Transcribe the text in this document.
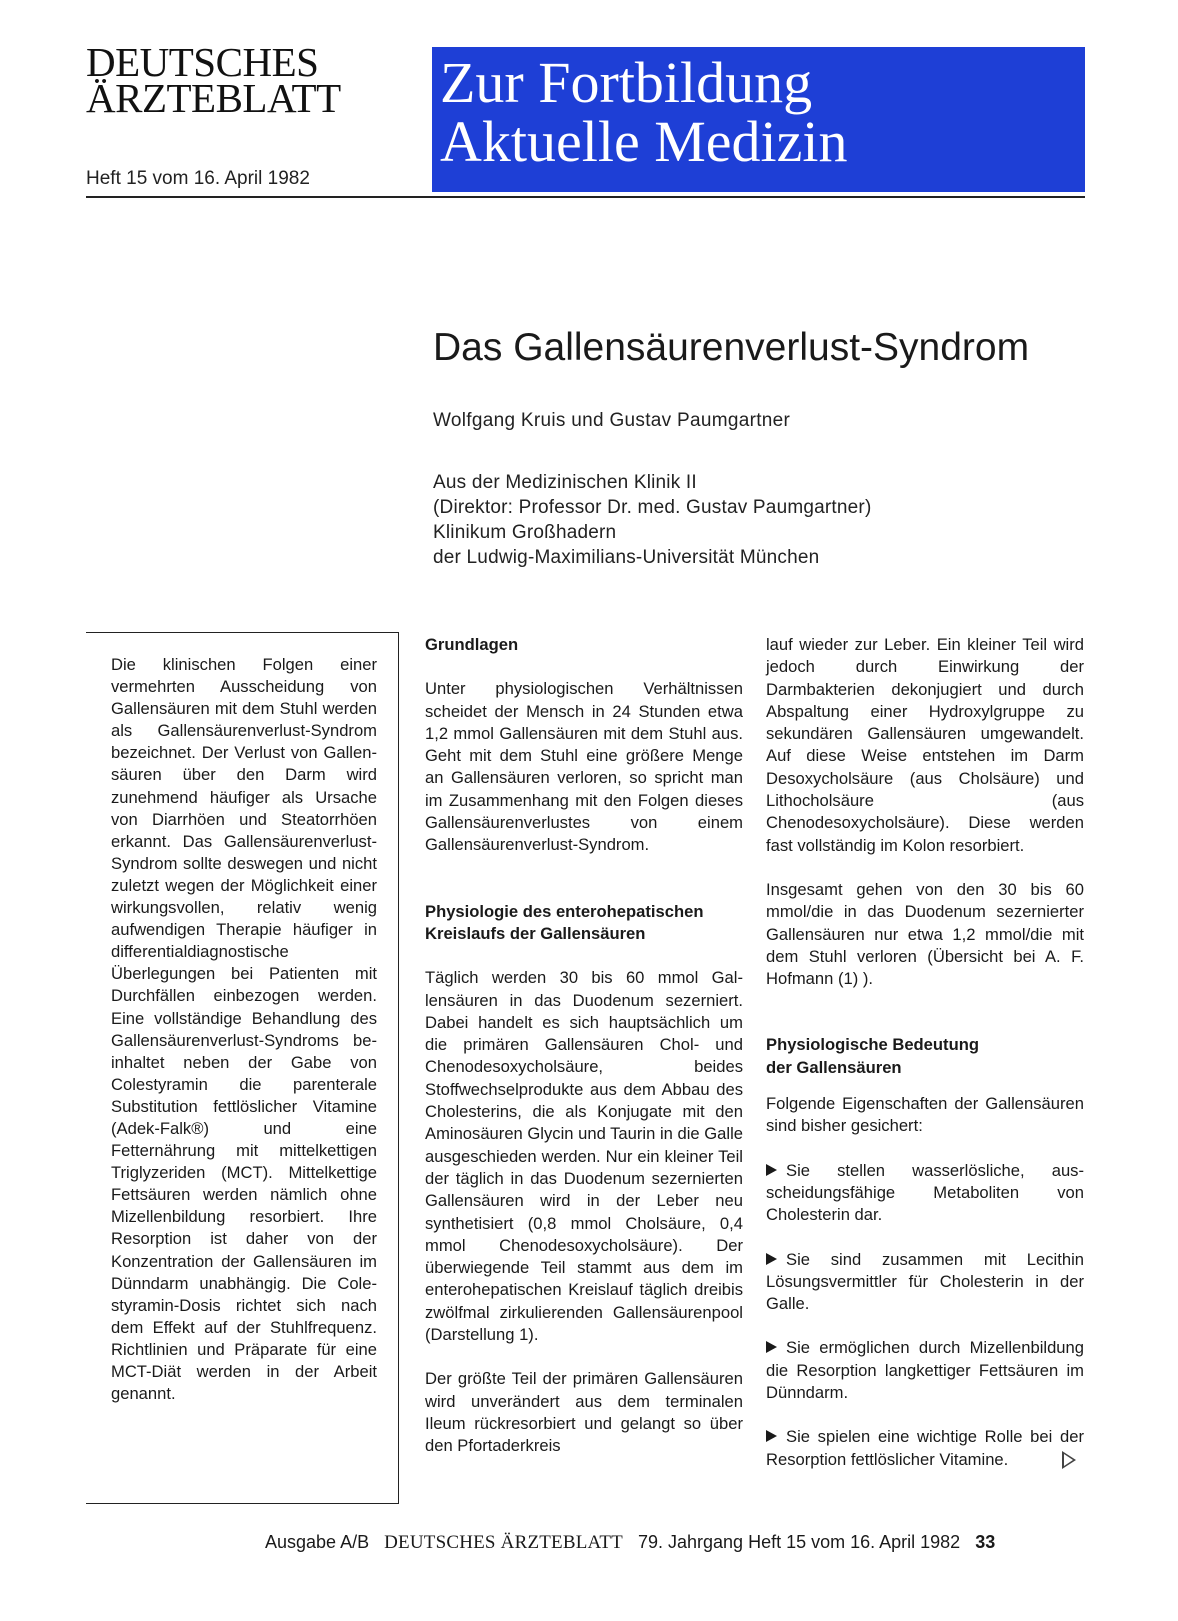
DEUTSCHES
ÄRZTEBLATT
Heft 15 vom 16. April 1982
Zur Fortbildung
Aktuelle Medizin
Das Gallensäurenverlust-Syndrom
Wolfgang Kruis und Gustav Paumgartner
Aus der Medizinischen Klinik II
(Direktor: Professor Dr. med. Gustav Paumgartner)
Klinikum Großhadern
der Ludwig-Maximilians-Universität München
Die klinischen Folgen einer vermehrten Ausscheidung von Gallensäuren mit dem Stuhl werden als Gallensäurenverlust-Syndrom bezeichnet. Der Verlust von Gallensäuren über den Darm wird zunehmend häufiger als Ursache von Diarrhöen und Steatorrhöen erkannt. Das Gallensäurenverlust-Syndrom sollte deswegen und nicht zuletzt wegen der Möglichkeit einer wirkungsvollen, relativ wenig aufwendigen Therapie häufiger in differentialdiagnostische Überlegungen bei Patienten mit Durchfällen einbezogen werden. Eine vollständige Behandlung des Gallensäurenverlust-Syndroms beinhaltet neben der Gabe von Colestyramin die parenterale Substitution fettlöslicher Vitamine (Adek-Falk®) und eine Fetternährung mit mittelkettigen Triglyzeriden (MCT). Mittelkettige Fettsäuren werden nämlich ohne Mizellenbildung resorbiert. Ihre Resorption ist daher von der Konzentration der Gallensäuren im Dünndarm unabhängig. Die Colestyramin-Dosis richtet sich nach dem Effekt auf der Stuhlfrequenz. Richtlinien und Präparate für eine MCT-Diät werden in der Arbeit genannt.
Grundlagen

Unter physiologischen Verhältnissen scheidet der Mensch in 24 Stunden etwa 1,2 mmol Gallensäuren mit dem Stuhl aus. Geht mit dem Stuhl eine größere Menge an Gallensäuren verloren, so spricht man im Zusammenhang mit den Folgen dieses Gallensäurenverlustes von einem Gallensäurenverlust-Syndrom.

Physiologie des enterohepatischen
Kreislaufs der Gallensäuren

Täglich werden 30 bis 60 mmol Gallensäuren in das Duodenum sezerniert. Dabei handelt es sich hauptsächlich um die primären Gallensäuren Chol- und Chenodesoxycholsäure, beides Stoffwechselprodukte aus dem Abbau des Cholesterins, die als Konjugate mit den Aminosäuren Glycin und Taurin in die Galle ausgeschieden werden. Nur ein kleiner Teil der täglich in das Duodenum sezernierten Gallensäuren wird in der Leber neu synthetisiert (0,8 mmol Cholsäure, 0,4 mmol Chenodesoxycholsäure). Der überwiegende Teil stammt aus dem im enterohepatischen Kreislauf täglich dreibis zwölfmal zirkulierenden Gallensäurenpool (Darstellung 1).

Der größte Teil der primären Gallensäuren wird unverändert aus dem terminalen Ileum rückresorbiert und gelangt so über den Pfortaderkreis

lauf wieder zur Leber. Ein kleiner Teil wird jedoch durch Einwirkung der Darmbakterien dekonjugiert und durch Abspaltung einer Hydroxylgruppe zu sekundären Gallensäuren umgewandelt. Auf diese Weise entstehen im Darm Desoxycholsäure (aus Cholsäure) und Lithocholsäure (aus Chenodesoxycholsäure). Diese werden fast vollständig im Kolon resorbiert.

Insgesamt gehen von den 30 bis 60 mmol/die in das Duodenum sezernierter Gallensäuren nur etwa 1,2 mmol/die mit dem Stuhl verloren (Übersicht bei A. F. Hofmann (1) ).

Physiologische Bedeutung
der Gallensäuren

Folgende Eigenschaften der Gallensäuren sind bisher gesichert:

Sie stellen wasserlösliche, ausscheidungsfähige Metaboliten von Cholesterin dar.

Sie sind zusammen mit Lecithin Lösungsvermittler für Cholesterin in der Galle.

Sie ermöglichen durch Mizellenbildung die Resorption langkettiger Fettsäuren im Dünndarm.

Sie spielen eine wichtige Rolle bei der Resorption fettlöslicher Vitamine.

Ausgabe A/B DEUTSCHES ÄRZTEBLATT 79. Jahrgang Heft 15 vom 16. April 1982 33
